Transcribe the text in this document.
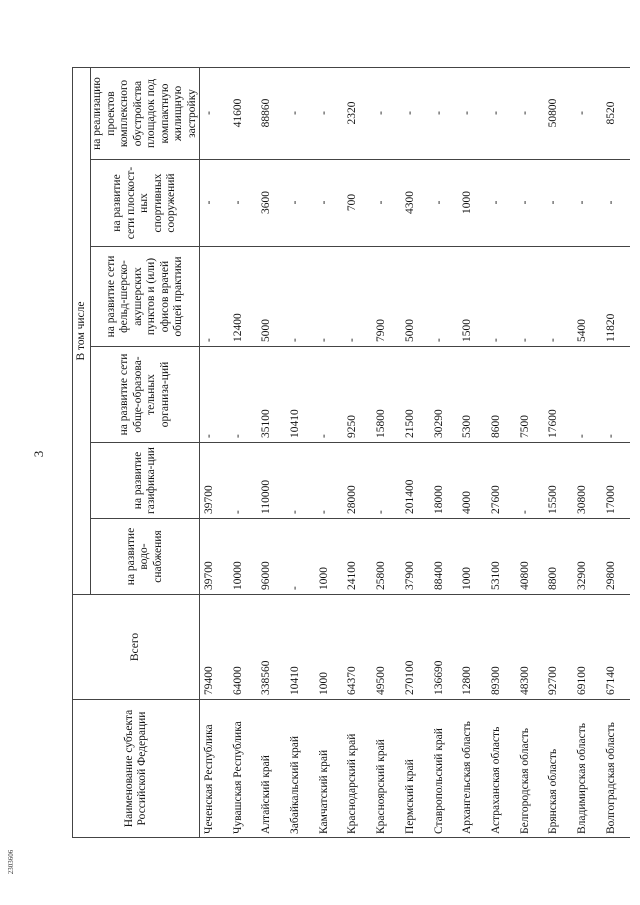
3
2303606
Наименование субъекта Российской Федерации	Всего	В том числе					
		на развитие водо-снабжения	на развитие газифика-ции	на развитие сети обще-образова-тельных организа-ций	на развитие сети фельд-шерско-акушерских пунктов и (или) офисов врачей общей практики	на развитие сети плоскост-ных спортивных сооружений	на реализацию проектов комплексного обустройства площадок под компактную жилищную застройку
Чеченская Республика	79400	39700	39700	-	-	-	-
Чувашская Республика	64000	10000	-	-	12400	-	41600
Алтайский край	338560	96000	110000	35100	5000	3600	88860
Забайкальский край	10410	-	-	10410	-	-	-
Камчатский край	1000	1000	-	-	-	-	-
Краснодарский край	64370	24100	28000	9250	-	700	2320
Красноярский край	49500	25800	-	15800	7900	-	-
Пермский край	270100	37900	201400	21500	5000	4300	-
Ставропольский край	136690	88400	18000	30290	-	-	-
Архангельская область	12800	1000	4000	5300	1500	1000	-
Астраханская область	89300	53100	27600	8600	-	-	-
Белгородская область	48300	40800	-	7500	-	-	-
Брянская область	92700	8800	15500	17600	-	-	50800
Владимирская область	69100	32900	30800	-	5400	-	-
Волгоградская область	67140	29800	17000	-	11820	-	8520
